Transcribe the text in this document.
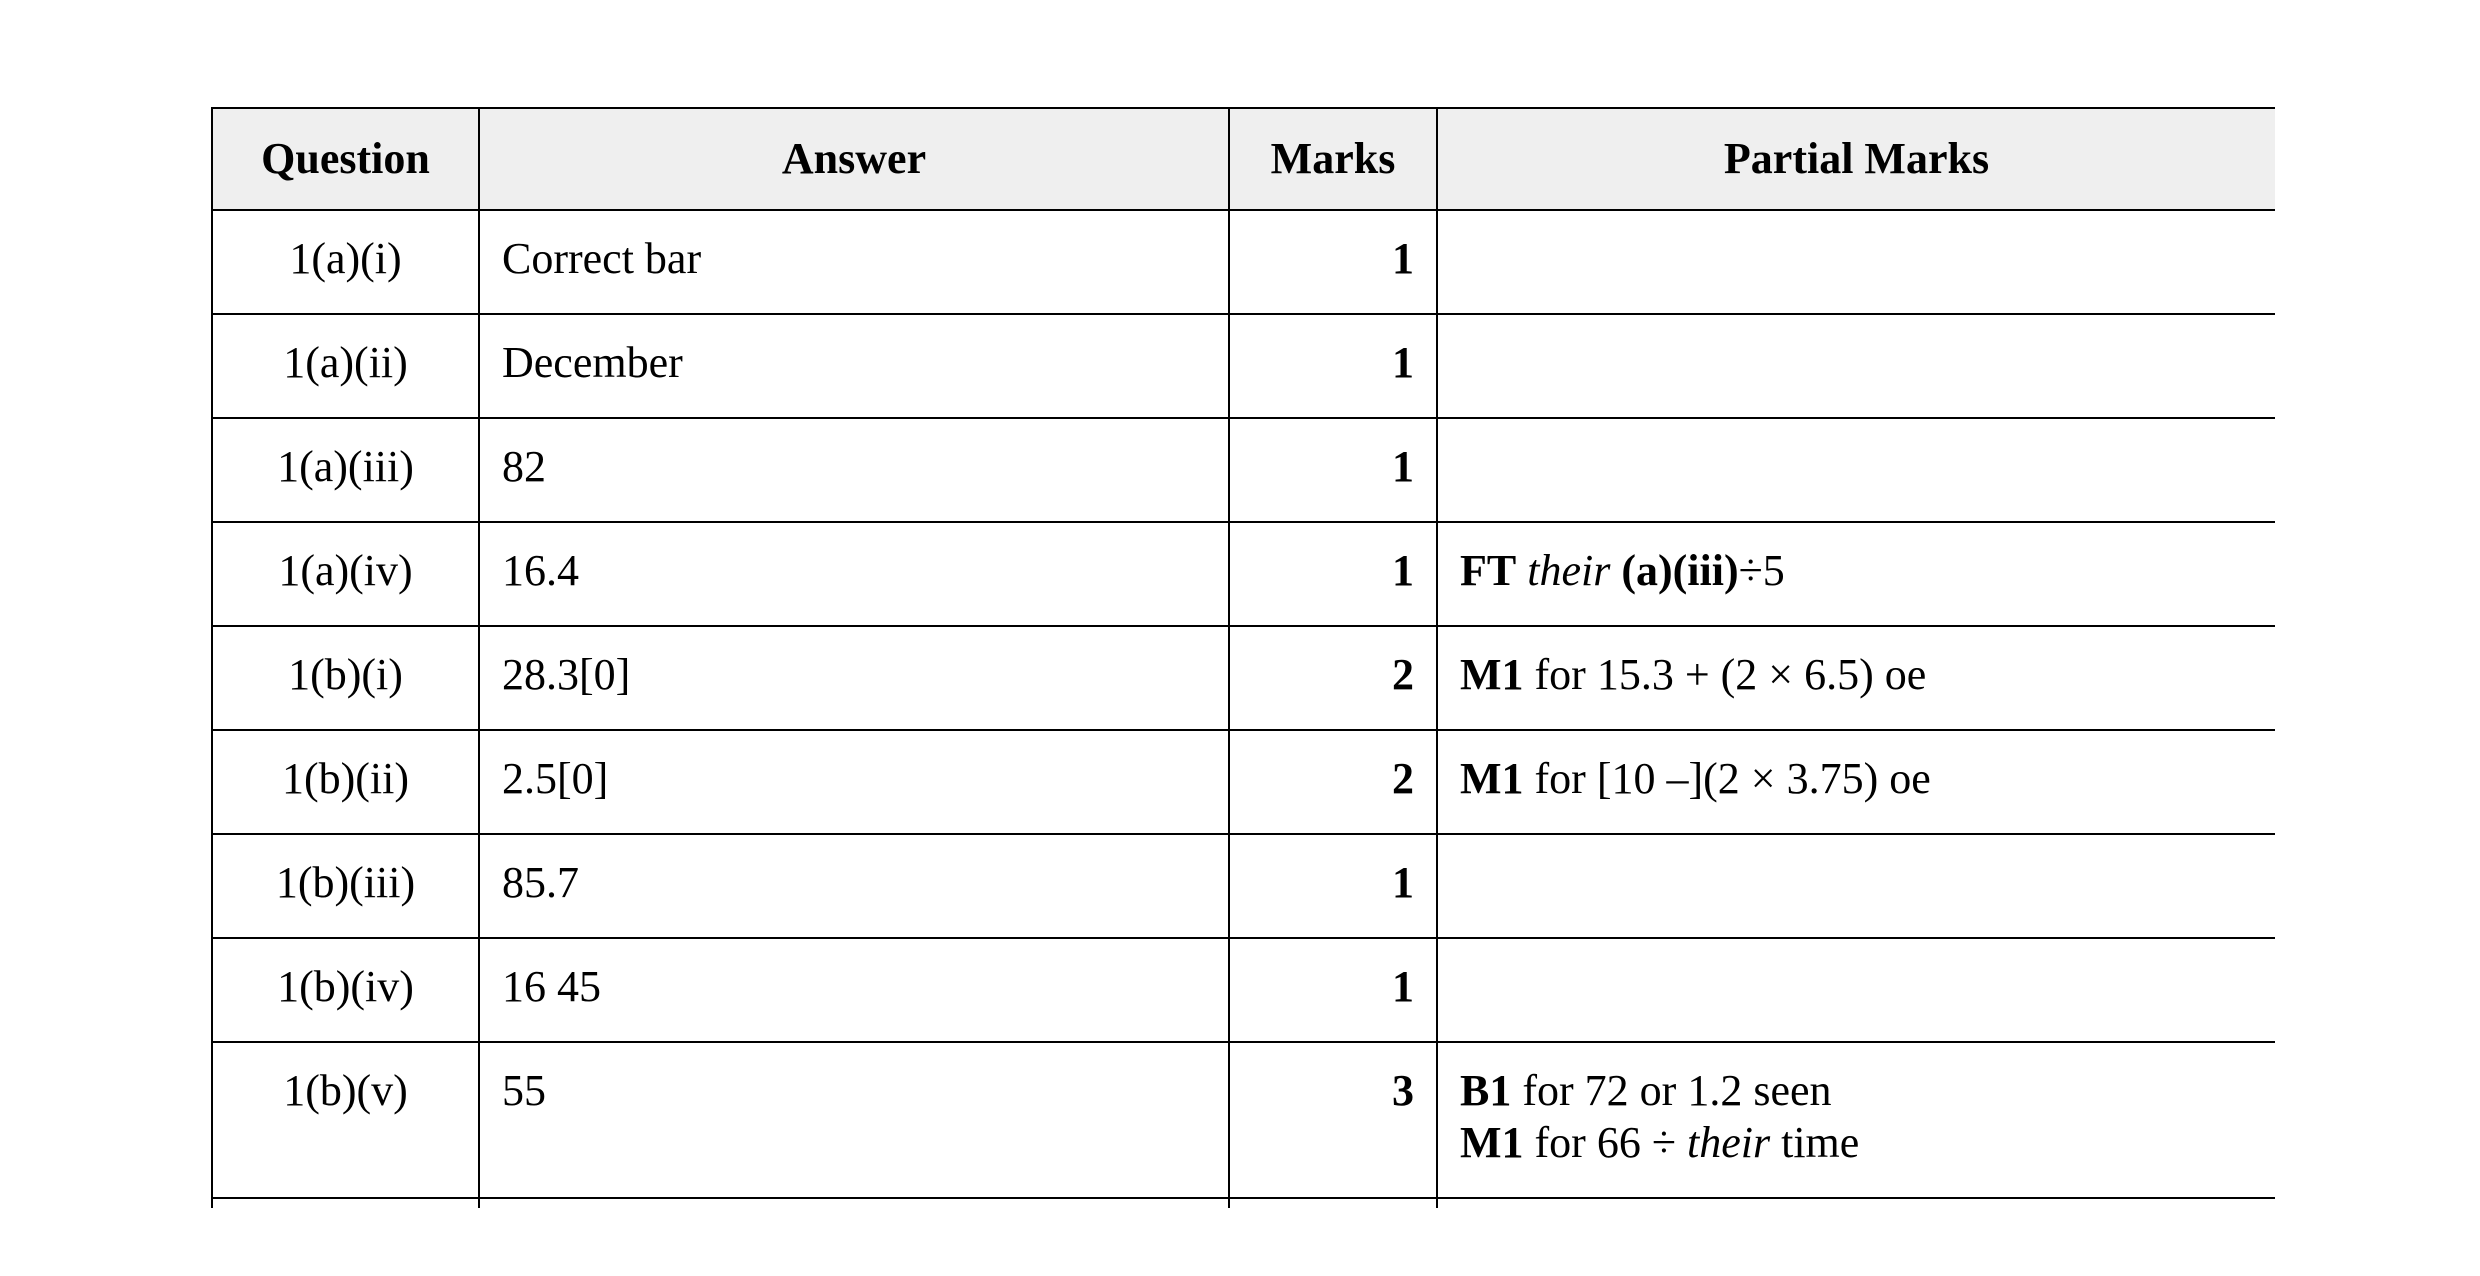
Question	Answer	Marks	Partial Marks

1(a)(i)	Correct bar	1	

1(a)(ii)	December	1	

1(a)(iii)	82	1	

1(a)(iv)	16.4	1	FT their (a)(iii)÷5

1(b)(i)	28.3[0]	2	M1 for 15.3 + (2 × 6.5) oe

1(b)(ii)	2.5[0]	2	M1 for [10 –](2 × 3.75) oe

1(b)(iii)	85.7	1	

1(b)(iv)	16 45	1	

1(b)(v)	55	3	B1 for 72 or 1.2 seen
M1 for 66 ÷ their time
